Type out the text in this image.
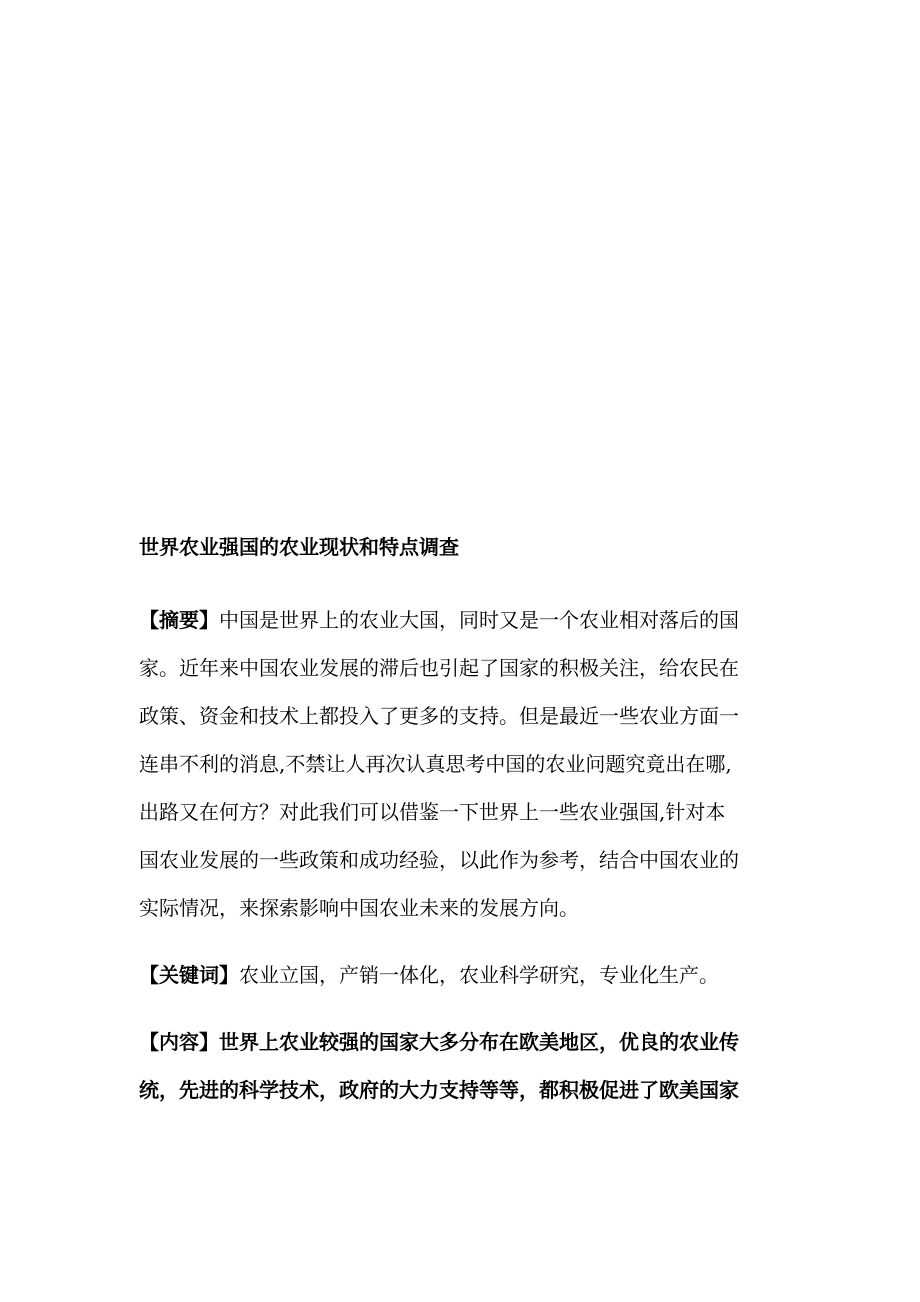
世界农业强国的农业现状和特点调查
【摘要】中国是世界上的农业大国，同时又是一个农业相对落后的国
家。近年来中国农业发展的滞后也引起了国家的积极关注，给农民在
政策、资金和技术上都投入了更多的支持。但是最近一些农业方面一
连串不利的消息,不禁让人再次认真思考中国的农业问题究竟出在哪,
出路又在何方？对此我们可以借鉴一下世界上一些农业强国,针对本
国农业发展的一些政策和成功经验，以此作为参考，结合中国农业的
实际情况，来探索影响中国农业未来的发展方向。
【关键词】农业立国，产销一体化，农业科学研究，专业化生产。
【内容】世界上农业较强的国家大多分布在欧美地区，优良的农业传
统，先进的科学技术，政府的大力支持等等，都积极促进了欧美国家
